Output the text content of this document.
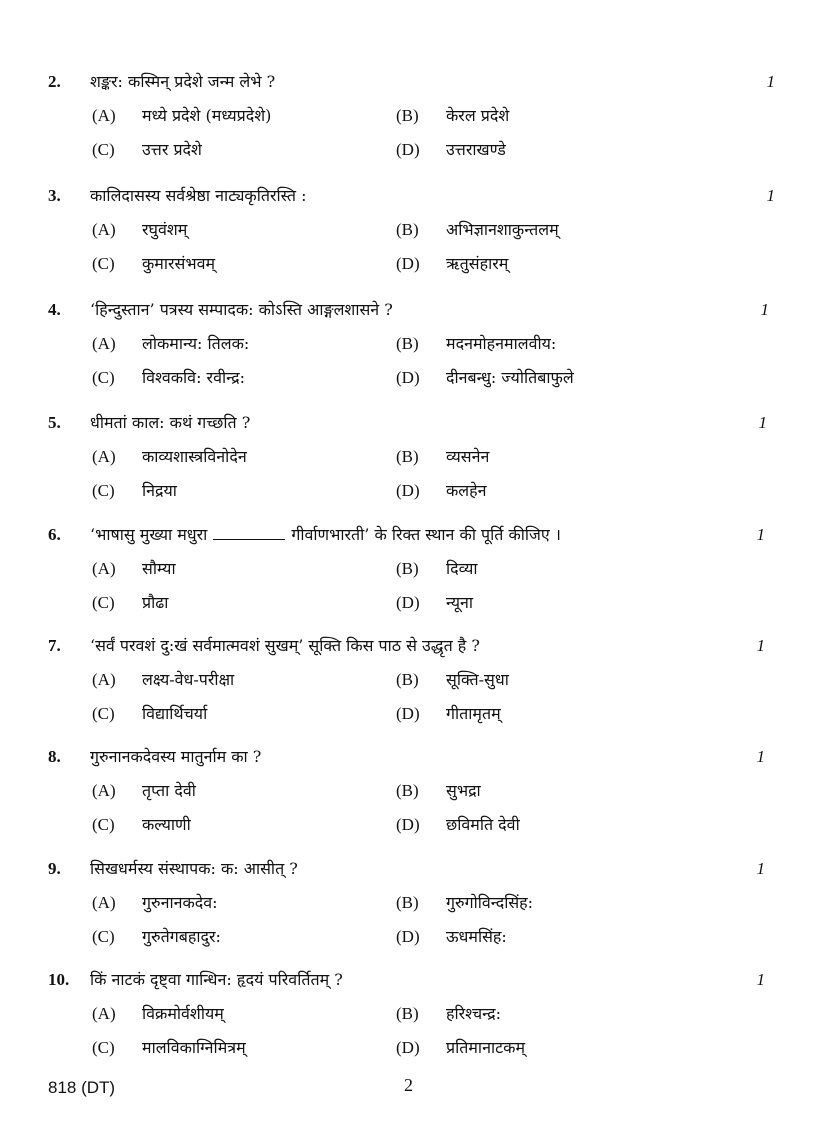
2. शङ्कर: कस्मिन् प्रदेशे जन्म लेभे ?	1
(A) मध्ये प्रदेशे (मध्यप्रदेशे)	(B) केरल प्रदेशे
(C) उत्तर प्रदेशे	(D) उत्तराखण्डे
3. कालिदासस्य सर्वश्रेष्ठा नाट्यकृतिरस्ति :	1
(A) रघुवंशम्	(B) अभिज्ञानशाकुन्तलम्
(C) कुमारसंभवम्	(D) ऋतुसंहारम्
4. ‘हिन्दुस्तान’ पत्रस्य सम्पादक: कोऽस्ति आङ्गलशासने ?	1
(A) लोकमान्य: तिलक:	(B) मदनमोहनमालवीय:
(C) विश्वकवि: रवीन्द्र:	(D) दीनबन्धु: ज्योतिबाफुले
5. धीमतां काल: कथं गच्छति ?	1
(A) काव्यशास्त्रविनोदेन	(B) व्यसनेन
(C) निद्रया	(D) कलहेन
6. ‘भाषासु मुख्या मधुरा	गीर्वाणभारती’ के रिक्त स्थान की पूर्ति कीजिए ।	1
(A) सौम्या	(B) दिव्या
(C) प्रौढा	(D) न्यूना
7. ‘सर्वं परवशं दु:खं सर्वमात्मवशं सुखम्’ सूक्ति किस पाठ से उद्धृत है ?	1
(A) लक्ष्य-वेध-परीक्षा	(B) सूक्ति-सुधा
(C) विद्यार्थिचर्या	(D) गीतामृतम्
8. गुरुनानकदेवस्य मातुर्नाम का ?	1
(A) तृप्ता देवी	(B) सुभद्रा
(C) कल्याणी	(D) छविमति देवी
9. सिखधर्मस्य संस्थापक: क: आसीत् ?	1
(A) गुरुनानकदेव:	(B) गुरुगोविन्दसिंह:
(C) गुरुतेगबहादुर:	(D) ऊधमसिंह:
10. किं नाटकं दृष्ट्वा गान्धिन: हृदयं परिवर्तितम् ?	1
(A) विक्रमोर्वशीयम्	(B) हरिश्चन्द्र:
(C) मालविकाग्निमित्रम्	(D) प्रतिमानाटकम्
818 (DT)	2
